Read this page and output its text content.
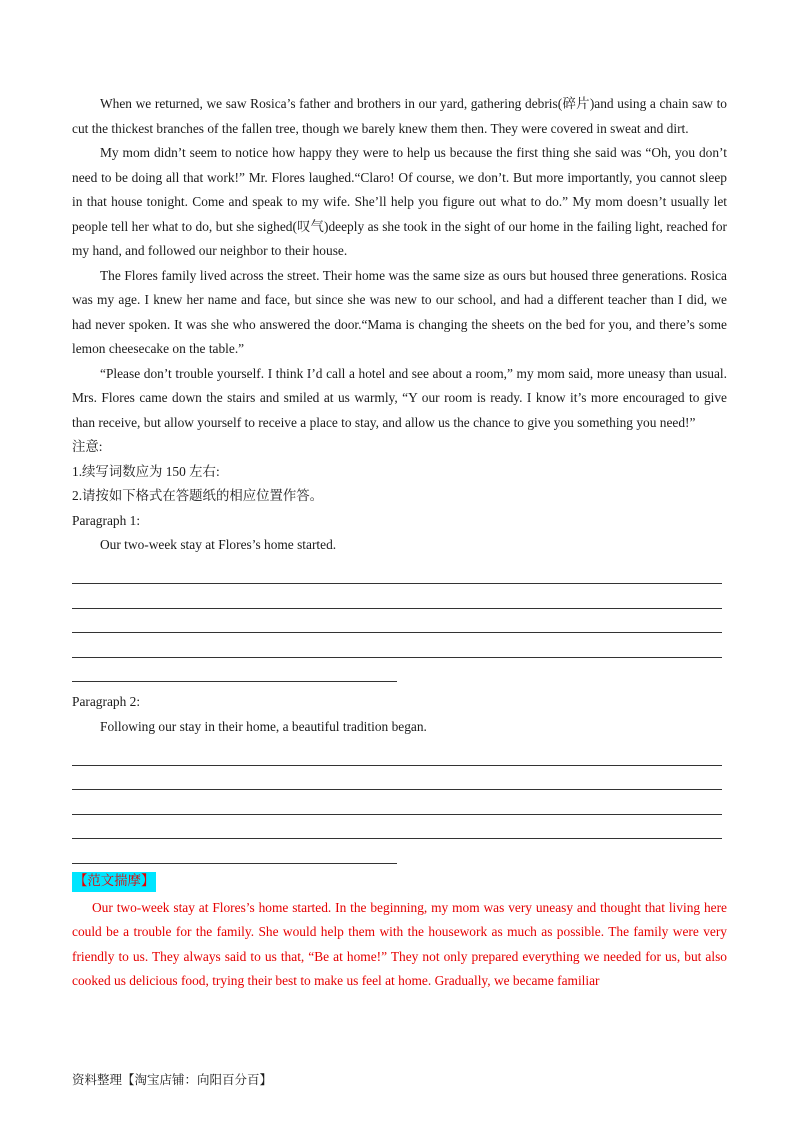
When we returned, we saw Rosica’s father and brothers in our yard, gathering debris(碎片)and using a chain saw to cut the thickest branches of the fallen tree, though we barely knew them then. They were covered in sweat and dirt.

My mom didn’t seem to notice how happy they were to help us because the first thing she said was “Oh, you don’t need to be doing all that work!” Mr. Flores laughed.“Claro! Of course, we don’t. But more importantly, you cannot sleep in that house tonight. Come and speak to my wife. She’ll help you figure out what to do.” My mom doesn’t usually let people tell her what to do, but she sighed(叹气)deeply as she took in the sight of our home in the failing light, reached for my hand, and followed our neighbor to their house.

The Flores family lived across the street. Their home was the same size as ours but housed three generations. Rosica was my age. I knew her name and face, but since she was new to our school, and had a different teacher than I did, we had never spoken. It was she who answered the door.“Mama is changing the sheets on the bed for you, and there’s some lemon cheesecake on the table.”

“Please don’t trouble yourself. I think I’d call a hotel and see about a room,” my mom said, more uneasy than usual. Mrs. Flores came down the stairs and smiled at us warmly, “Y our room is ready. I know it’s more encouraged to give than receive, but allow yourself to receive a place to stay, and allow us the chance to give you something you need!”

注意:

1.续写词数应为 150 左右:

2.请按如下格式在答题纸的相应位置作答。

Paragraph 1:

Our two-week stay at Flores’s home started.

Paragraph 2:

Following our stay in their home, a beautiful tradition began.

【范文揣摩】

Our two-week stay at Flores’s home started. In the beginning, my mom was very uneasy and thought that living here could be a trouble for the family. She would help them with the housework as much as possible. The family were very friendly to us. They always said to us that, “Be at home!” They not only prepared everything we needed for us, but also cooked us delicious food, trying their best to make us feel at home. Gradually, we became familiar

资料整理【淘宝店铺：向阳百分百】
